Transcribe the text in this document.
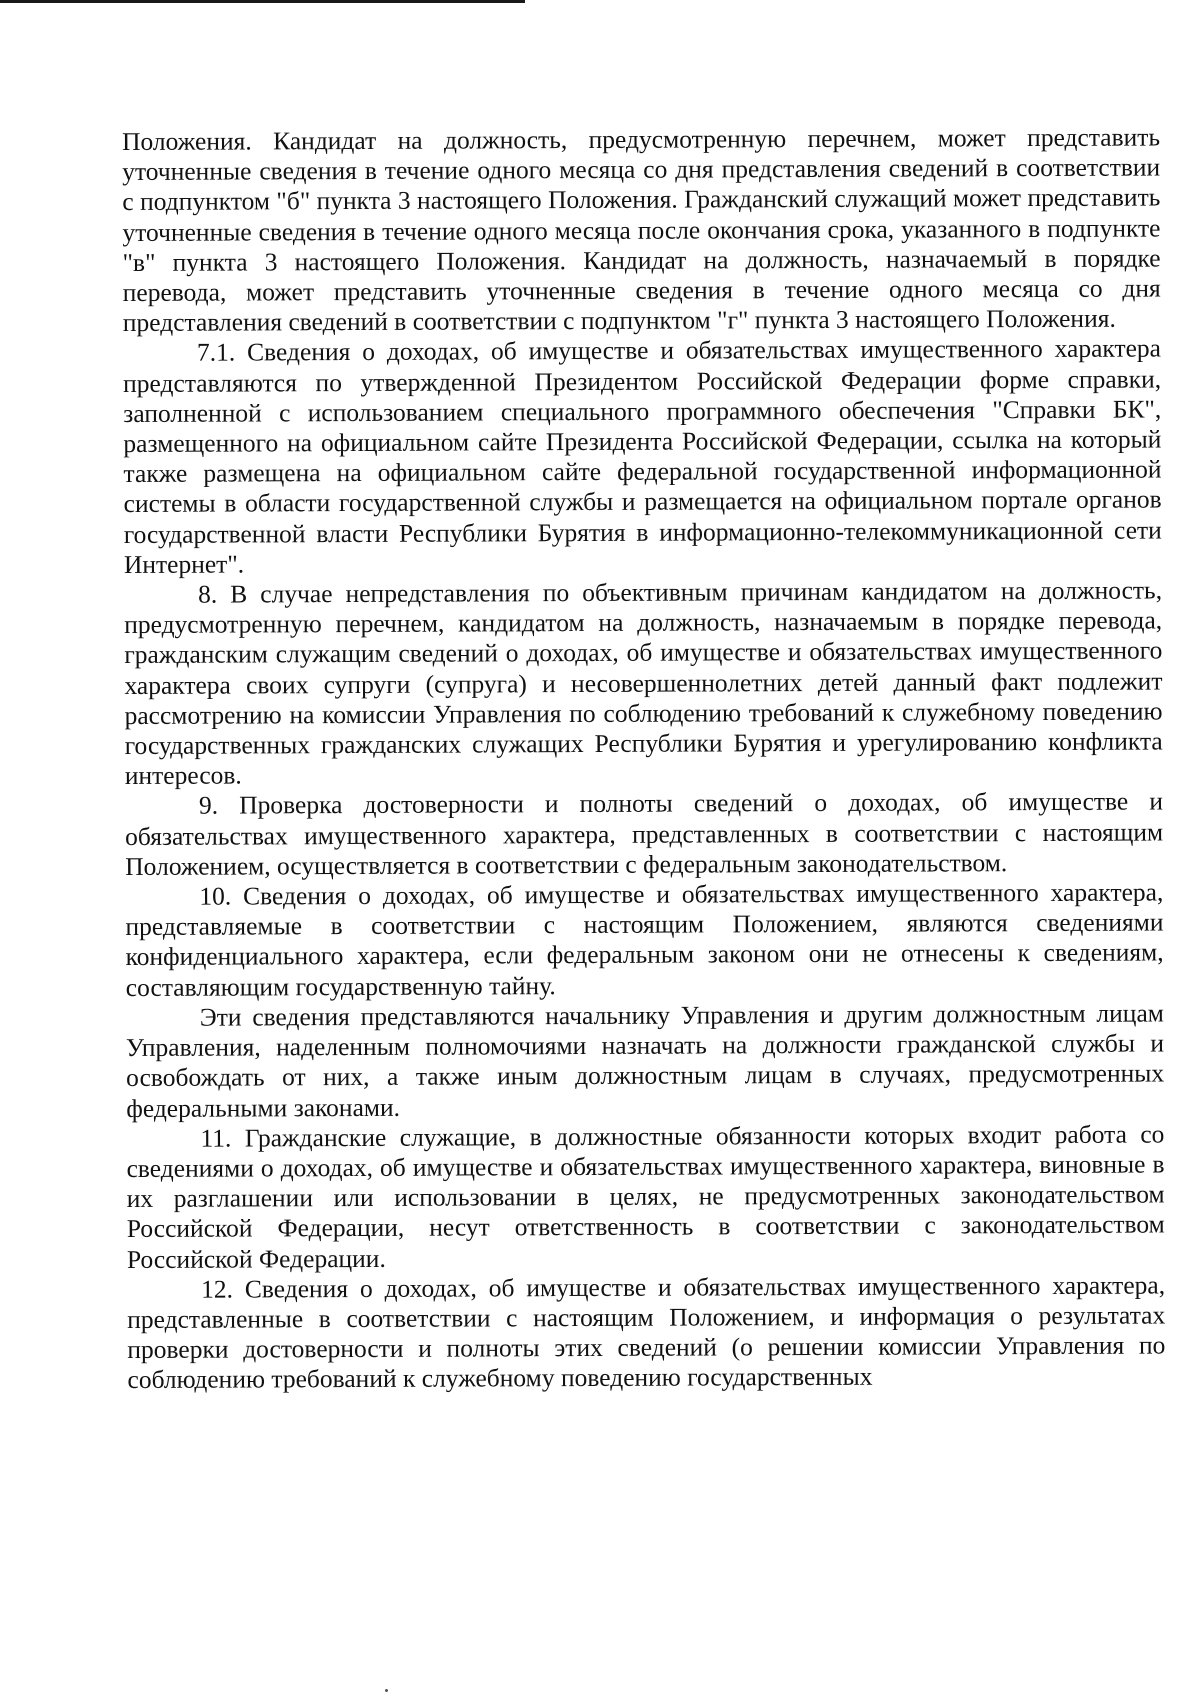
Положения. Кандидат на должность, предусмотренную перечнем, может представить уточненные сведения в течение одного месяца со дня представления сведений в соответствии с подпунктом "б" пункта 3 настоящего Положения. Гражданский служащий может представить уточненные сведения в течение одного месяца после окончания срока, указанного в подпункте "в" пункта 3 настоящего Положения. Кандидат на должность, назначаемый в порядке перевода, может представить уточненные сведения в течение одного месяца со дня представления сведений в соответствии с подпунктом "г" пункта 3 настоящего Положения.

7.1. Сведения о доходах, об имуществе и обязательствах имущественного характера представляются по утвержденной Президентом Российской Федерации форме справки, заполненной с использованием специального программного обеспечения "Справки БК", размещенного на официальном сайте Президента Российской Федерации, ссылка на который также размещена на официальном сайте федеральной государственной информационной системы в области государственной службы и размещается на официальном портале органов государственной власти Республики Бурятия в информационно-телекоммуникационной сети Интернет".

8. В случае непредставления по объективным причинам кандидатом на должность, предусмотренную перечнем, кандидатом на должность, назначаемым в порядке перевода, гражданским служащим сведений о доходах, об имуществе и обязательствах имущественного характера своих супруги (супруга) и несовершеннолетних детей данный факт подлежит рассмотрению на комиссии Управления по соблюдению требований к служебному поведению государственных гражданских служащих Республики Бурятия и урегулированию конфликта интересов.

9. Проверка достоверности и полноты сведений о доходах, об имуществе и обязательствах имущественного характера, представленных в соответствии с настоящим Положением, осуществляется в соответствии с федеральным законодательством.

10. Сведения о доходах, об имуществе и обязательствах имущественного характера, представляемые в соответствии с настоящим Положением, являются сведениями конфиденциального характера, если федеральным законом они не отнесены к сведениям, составляющим государственную тайну.

Эти сведения представляются начальнику Управления и другим должностным лицам Управления, наделенным полномочиями назначать на должности гражданской службы и освобождать от них, а также иным должностным лицам в случаях, предусмотренных федеральными законами.

11. Гражданские служащие, в должностные обязанности которых входит работа со сведениями о доходах, об имуществе и обязательствах имущественного характера, виновные в их разглашении или использовании в целях, не предусмотренных законодательством Российской Федерации, несут ответственность в соответствии с законодательством Российской Федерации.

12. Сведения о доходах, об имуществе и обязательствах имущественного характера, представленные в соответствии с настоящим Положением, и информация о результатах проверки достоверности и полноты этих сведений (о решении комиссии Управления по соблюдению требований к служебному поведению государственных
